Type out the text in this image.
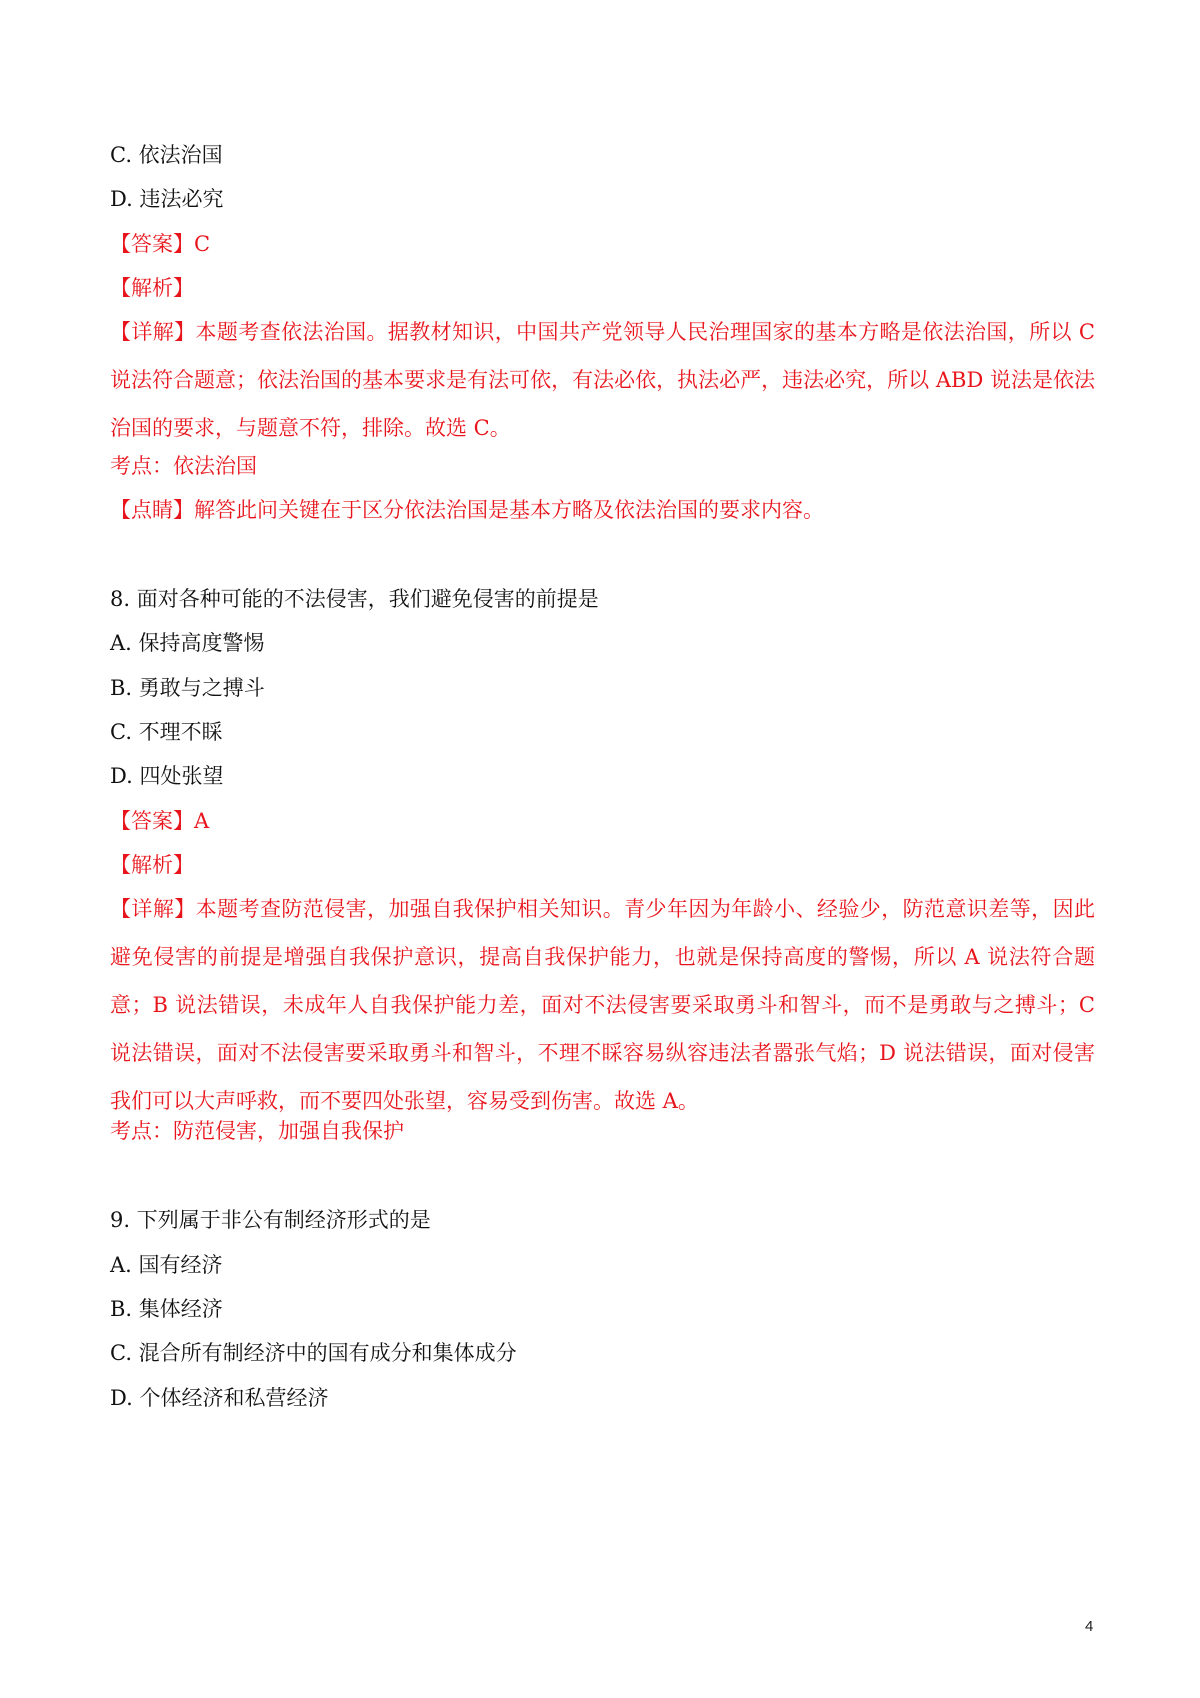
C. 依法治国
D. 违法必究
【答案】C
【解析】
【详解】本题考查依法治国。据教材知识，中国共产党领导人民治理国家的基本方略是依法治国，所以 C 说法符合题意；依法治国的基本要求是有法可依，有法必依，执法必严，违法必究，所以 ABD 说法是依法治国的要求，与题意不符，排除。故选 C。
考点：依法治国
【点睛】解答此问关键在于区分依法治国是基本方略及依法治国的要求内容。
8. 面对各种可能的不法侵害，我们避免侵害的前提是
A. 保持高度警惕
B. 勇敢与之搏斗
C. 不理不睬
D. 四处张望
【答案】A
【解析】
【详解】本题考查防范侵害，加强自我保护相关知识。青少年因为年龄小、经验少，防范意识差等，因此避免侵害的前提是增强自我保护意识，提高自我保护能力，也就是保持高度的警惕，所以 A 说法符合题意；B 说法错误，未成年人自我保护能力差，面对不法侵害要采取勇斗和智斗，而不是勇敢与之搏斗；C 说法错误，面对不法侵害要采取勇斗和智斗，不理不睬容易纵容违法者嚣张气焰；D 说法错误，面对侵害我们可以大声呼救，而不要四处张望，容易受到伤害。故选 A。
考点：防范侵害，加强自我保护
9. 下列属于非公有制经济形式的是
A. 国有经济
B. 集体经济
C. 混合所有制经济中的国有成分和集体成分
D. 个体经济和私营经济
4
